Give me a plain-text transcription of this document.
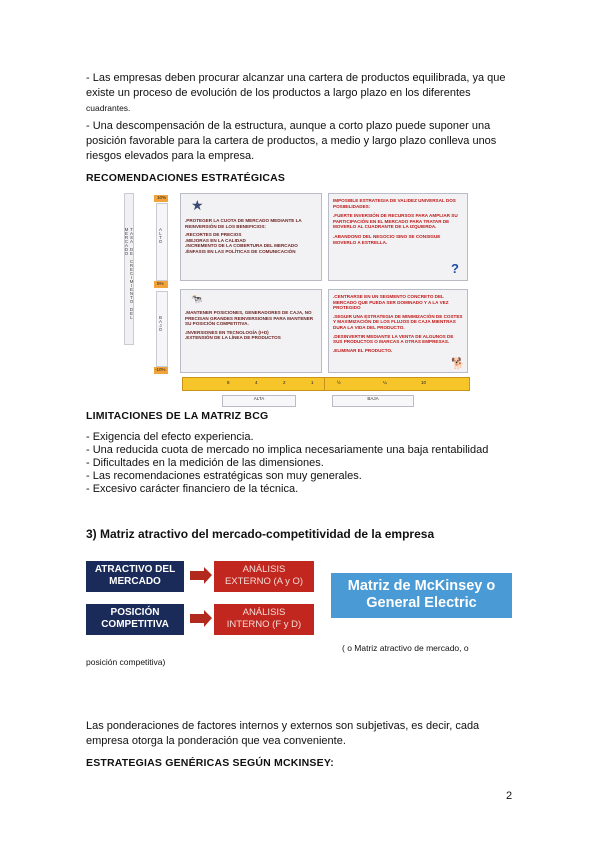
- Las empresas deben procurar alcanzar una cartera de productos equilibrada, ya que
existe un proceso de evolución de los productos a largo plazo en los diferentes
cuadrantes.
- Una descompensación de la estructura, aunque a corto plazo puede suponer una
posición favorable para la cartera de productos, a medio y largo plazo conlleva unos
riesgos elevados para la empresa.
RECOMENDACIONES ESTRATÉGICAS
TASA DE CRECIMIENTO DEL MERCADO
10%
5%
-10%
ALTO
BAJO
★
.PROTEGER LA CUOTA DE MERCADO MEDIANTE LA REINVERSIÓN DE LOS BENEFICIOS:
.RECORTES DE PRECIOS
.MEJORAS EN LA CALIDAD
.INCREMENTO DE LA COBERTURA DEL MERCADO
.ÉNFASIS EN LAS POLÍTICAS DE COMUNICACIÓN
🐄
.MANTENER POSICIONES, GENERADORES DE CAJA, NO PRECISAN GRANDES REINVERSIONES PARA MANTENER SU POSICIÓN COMPETITIVA.
.INVERSIONES EN TECNOLOGÍA (I+D)
.EXTENSIÓN DE LA LÍNEA DE PRODUCTOS
8	4	2	1
ALTA
IMPOSIBLE ESTRATEGIA DE VALIDEZ UNIVERSAL DOS POSIBILIDADES:
.FUERTE INVERSIÓN DE RECURSOS PARA AMPLIAR SU PARTICIPACIÓN EN EL MERCADO PARA TRATAR DE MOVERLO AL CUADRANTE DE LA IZQUIERDA.
.ABANDONO DEL NEGOCIO SINO SE CONSIGUE MOVERLO A ESTRELLA.
?
.CENTRARSE EN UN SEGMENTO CONCRETO DEL MERCADO QUE PUEDA SER DOMINADO Y A LA VEZ PROTEGIDO
.SEGUIR UNA ESTRATEGIA DE MINIMIZACIÓN DE COSTES Y MAXIMIZACIÓN DE LOS FLUJOS DE CAJA MIENTRAS DURA LA VIDA DEL PRODUCTO.
.DESINVERTIR MEDIANTE LA VENTA DE ALGUNOS DE SUS PRODUCTOS O MARCAS A OTRAS EMPRESAS.
.ELIMINAR EL PRODUCTO.
🐕
½	¼	10
BAJA
LIMITACIONES DE LA MATRIZ BCG
- Exigencia del efecto experiencia.
- Una reducida cuota de mercado no implica necesariamente una baja rentabilidad
- Dificultades en la medición de las dimensiones.
- Las recomendaciones estratégicas son muy generales.
- Excesivo carácter financiero de la técnica.
3) Matriz atractivo del mercado-competitividad de la empresa
ATRACTIVO DEL
MERCADO
ANÁLISIS
EXTERNO (A y O)
POSICIÓN
COMPETITIVA
ANÁLISIS
INTERNO (F y D)
Matriz de McKinsey o
General Electric
( o Matriz atractivo de mercado, o
posición competitiva)
Las ponderaciones de factores internos y externos son subjetivas, es decir, cada
empresa otorga la ponderación que vea conveniente.
ESTRATEGIAS GENÉRICAS SEGÚN MCKINSEY:
2
